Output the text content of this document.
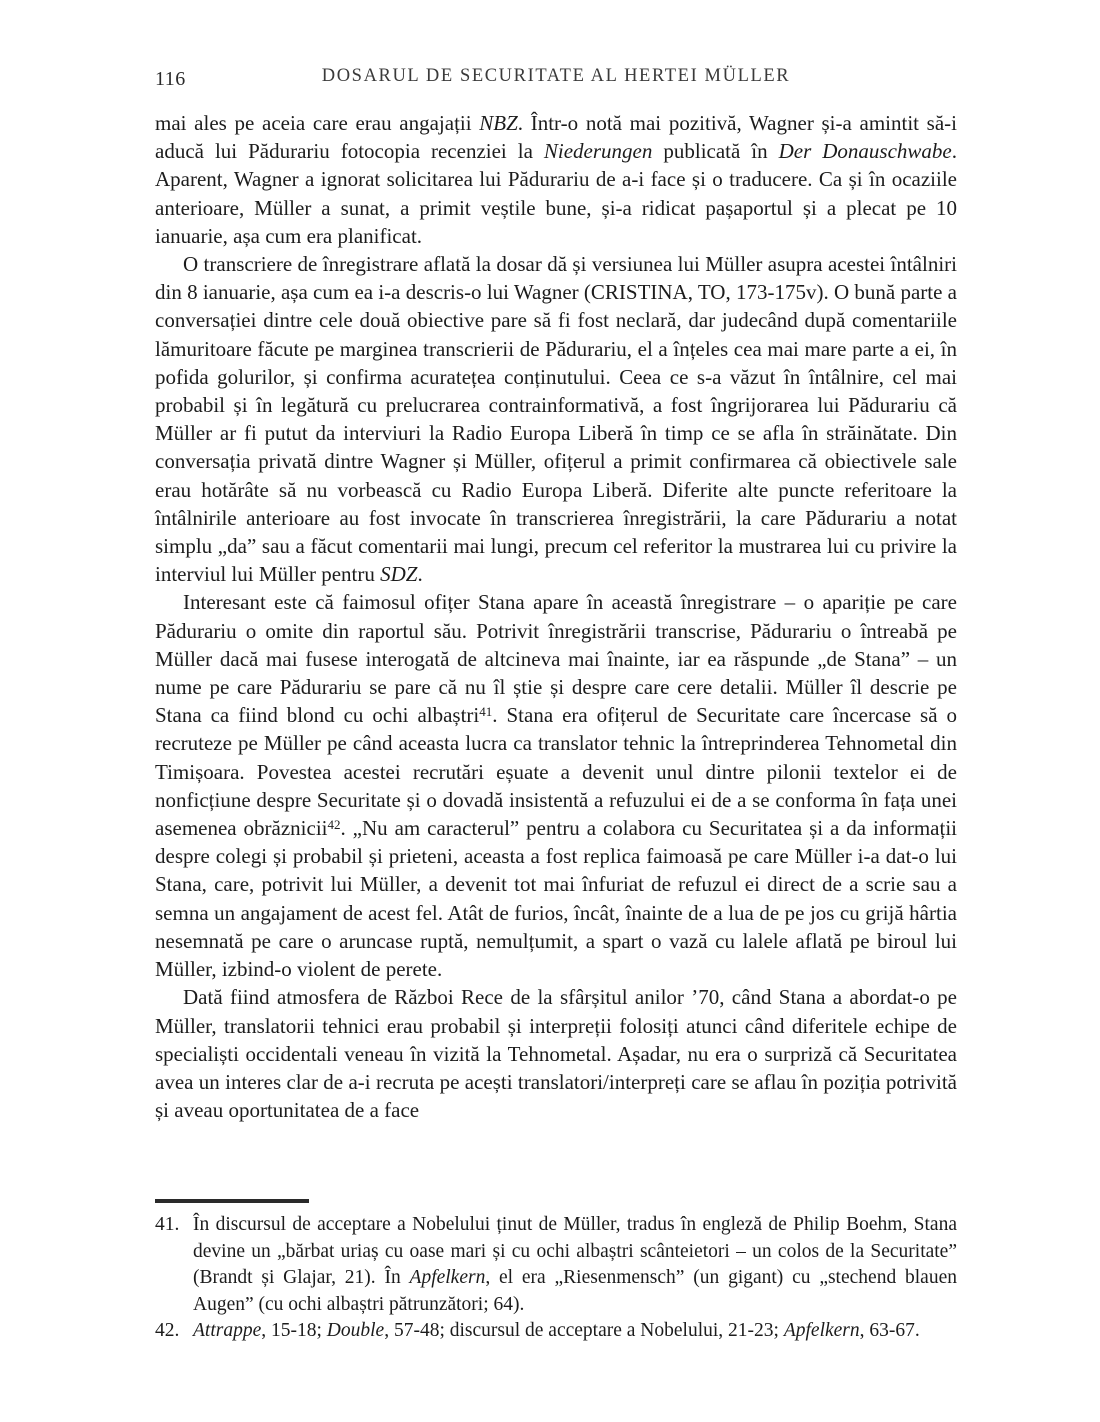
116	DOSARUL DE SECURITATE AL HERTEI MÜLLER

mai ales pe aceia care erau angajații NBZ. Într-o notă mai pozitivă, Wagner și-a amintit să-i aducă lui Pădurariu fotocopia recenziei la Niederungen publicată în Der Donauschwabe. Aparent, Wagner a ignorat solicitarea lui Pădurariu de a-i face și o traducere. Ca și în ocaziile anterioare, Müller a sunat, a primit veștile bune, și-a ridicat pașaportul și a plecat pe 10 ianuarie, așa cum era planificat.

O transcriere de înregistrare aflată la dosar dă și versiunea lui Müller asupra acestei întâlniri din 8 ianuarie, așa cum ea i-a descris-o lui Wagner (CRISTINA, TO, 173-175v). O bună parte a conversației dintre cele două obiective pare să fi fost neclară, dar judecând după comentariile lămuritoare făcute pe marginea transcrierii de Pădurariu, el a înțeles cea mai mare parte a ei, în pofida golurilor, și confirma acuratețea conținutului. Ceea ce s-a văzut în întâlnire, cel mai probabil și în legătură cu prelucrarea contrainformativă, a fost îngrijorarea lui Pădurariu că Müller ar fi putut da interviuri la Radio Europa Liberă în timp ce se afla în străinătate. Din conversația privată dintre Wagner și Müller, ofițerul a primit confirmarea că obiectivele sale erau hotărâte să nu vorbească cu Radio Europa Liberă. Diferite alte puncte referitoare la întâlnirile anterioare au fost invocate în transcrierea înregistrării, la care Pădurariu a notat simplu „da” sau a făcut comentarii mai lungi, precum cel referitor la mustrarea lui cu privire la interviul lui Müller pentru SDZ.

Interesant este că faimosul ofițer Stana apare în această înregistrare – o apariție pe care Pădurariu o omite din raportul său. Potrivit înregistrării transcrise, Pădurariu o întreabă pe Müller dacă mai fusese interogată de altcineva mai înainte, iar ea răspunde „de Stana” – un nume pe care Pădurariu se pare că nu îl știe și despre care cere detalii. Müller îl descrie pe Stana ca fiind blond cu ochi albaștri$^{41}$. Stana era ofițerul de Securitate care încercase să o recruteze pe Müller pe când aceasta lucra ca translator tehnic la întreprinderea Tehnometal din Timișoara. Povestea acestei recrutări eșuate a devenit unul dintre pilonii textelor ei de nonficțiune despre Securitate și o dovadă insistentă a refuzului ei de a se conforma în fața unei asemenea obrăznicii$^{42}$. „Nu am caracterul” pentru a colabora cu Securitatea și a da informații despre colegi și probabil și prieteni, aceasta a fost replica faimoasă pe care Müller i-a dat-o lui Stana, care, potrivit lui Müller, a devenit tot mai înfuriat de refuzul ei direct de a scrie sau a semna un angajament de acest fel. Atât de furios, încât, înainte de a lua de pe jos cu grijă hârtia nesemnată pe care o aruncase ruptă, nemulțumit, a spart o vază cu lalele aflată pe biroul lui Müller, izbind-o violent de perete.

Dată fiind atmosfera de Război Rece de la sfârșitul anilor ’70, când Stana a abordat-o pe Müller, translatorii tehnici erau probabil și interpreții folosiți atunci când diferitele echipe de specialiști occidentali veneau în vizită la Tehnometal. Așadar, nu era o surpriză că Securitatea avea un interes clar de a-i recruta pe acești translatori/interpreți care se aflau în poziția potrivită și aveau oportunitatea de a face

41. În discursul de acceptare a Nobelului ținut de Müller, tradus în engleză de Philip Boehm, Stana devine un „bărbat uriaș cu oase mari și cu ochi albaștri scânteietori – un colos de la Securitate” (Brandt și Glajar, 21). În Apfelkern, el era „Riesenmensch” (un gigant) cu „stechend blauen Augen” (cu ochi albaștri pătrunzători; 64).
42. Attrappe, 15-18; Double, 57-48; discursul de acceptare a Nobelului, 21-23; Apfelkern, 63-67.
